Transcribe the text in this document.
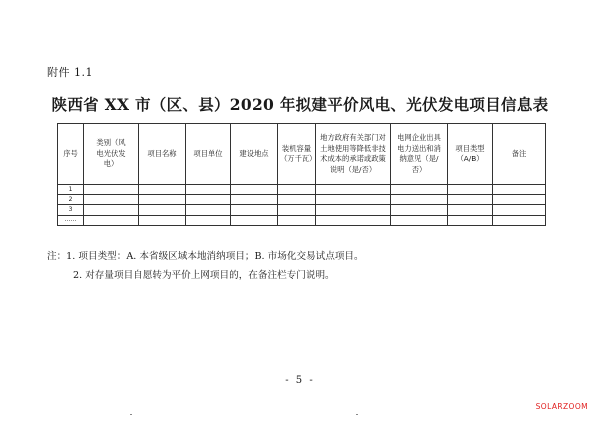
附件 1.1
陕西省 XX 市（区、县）2020 年拟建平价风电、光伏发电项目信息表
序号	类别（风电光伏发电）	项目名称	项目单位	建设地点	装机容量（万千瓦）	地方政府有关部门对土地使用等降低非技术成本的承诺或政策说明（是/否）	电网企业出具电力送出和消纳意见（是/否）	项目类型（A/B）	备注
1									
2									
3									
……									
注：1. 项目类型：A. 本省级区域本地消纳项目；B. 市场化交易试点项目。
2. 对存量项目自愿转为平价上网项目的，在备注栏专门说明。
- 5 -
SOLARZOOM
